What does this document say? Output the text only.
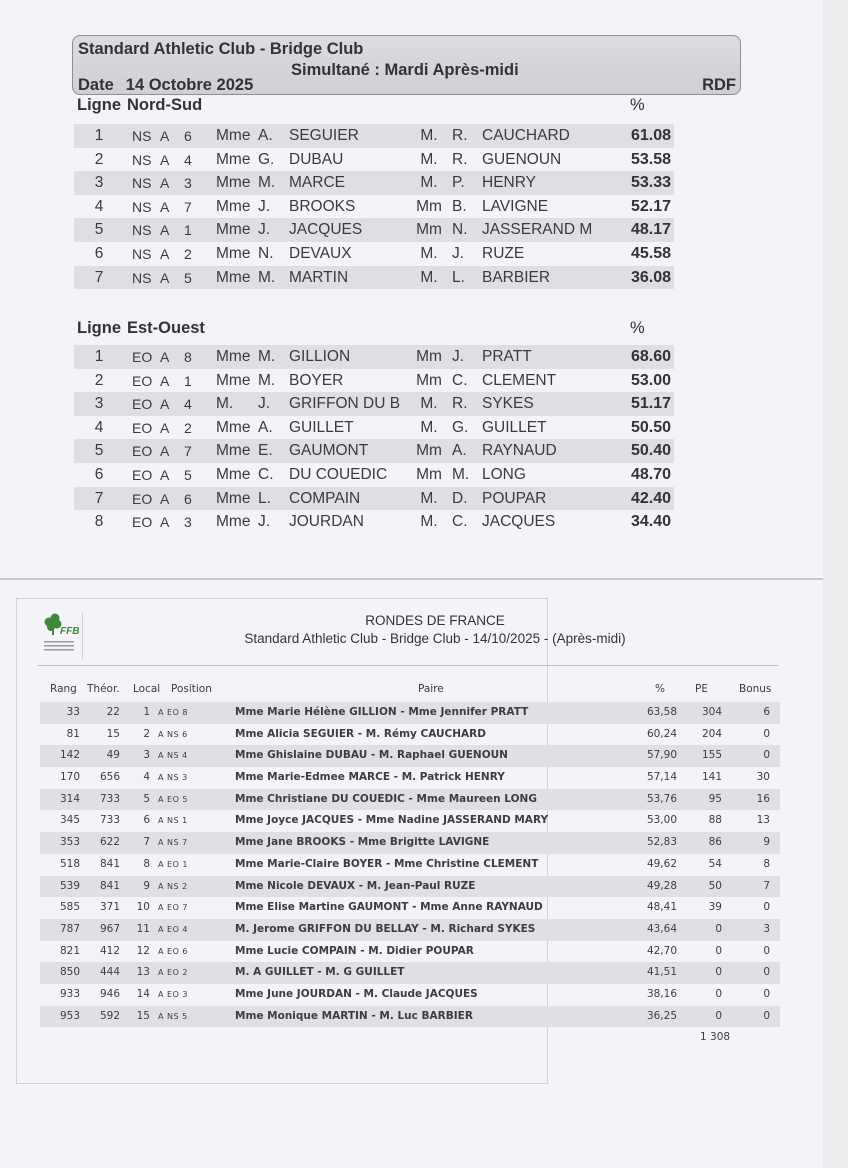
Standard Athletic Club - Bridge Club
Simultané : Mardi Après-midi
Date 14 Octobre 2025	RDF
Ligne Nord-Sud	%
1 NS A 6 Mme A. SEGUIER	M. R. CAUCHARD	61.08
2 NS A 4 Mme G. DUBAU	M. R. GUENOUN	53.58
3 NS A 3 Mme M. MARCE	M. P. HENRY	53.33
4 NS A 7 Mme J. BROOKS	Mm B. LAVIGNE	52.17
5 NS A 1 Mme J. JACQUES	Mm N. JASSERAND M 48.17
6 NS A 2 Mme N. DEVAUX	M. J. RUZE	45.58
7 NS A 5 Mme M. MARTIN	M. L. BARBIER	36.08
Ligne Est-Ouest	%
1 EO A 8 Mme M. GILLION	Mm J. PRATT	68.60
2 EO A 1 Mme M. BOYER	Mm C. CLEMENT	53.00
3 EO A 4 M. J. GRIFFON DU B	M. R. SYKES	51.17
4 EO A 2 Mme A. GUILLET	M. G. GUILLET	50.50
5 EO A 7 Mme E. GAUMONT	Mm A. RAYNAUD	50.40
6 EO A 5 Mme C. DU COUEDIC Mm M. LONG	48.70
7 EO A 6 Mme L. COMPAIN	M. D. POUPAR	42.40
8 EO A 3 Mme J. JOURDAN	M. C. JACQUES	34.40
FFB
RONDES DE FRANCE
Standard Athletic Club - Bridge Club - 14/10/2025 - (Après-midi)
Rang Théor. Local Position	Paire	%	PE	Bonus
33	22	1 A EO 8	Mme Marie Hélène GILLION - Mme Jennifer PRATT	63,58	304	6
81	15	2 A NS 6	Mme Alicia SEGUIER - M. Rémy CAUCHARD	60,24	204	0
142	49	3 A NS 4	Mme Ghislaine DUBAU - M. Raphael GUENOUN	57,90	155	0
170	656	4 A NS 3	Mme Marie-Edmee MARCE - M. Patrick HENRY	57,14	141	30
314	733	5 A EO 5	Mme Christiane DU COUEDIC - Mme Maureen LONG	53,76	95	16
345	733	6 A NS 1	Mme Joyce JACQUES - Mme Nadine JASSERAND MARY	53,00	88	13
353	622	7 A NS 7	Mme Jane BROOKS - Mme Brigitte LAVIGNE	52,83	86	9
518	841	8 A EO 1	Mme Marie-Claire BOYER - Mme Christine CLEMENT	49,62	54	8
539	841	9 A NS 2	Mme Nicole DEVAUX - M. Jean-Paul RUZE	49,28	50	7
585	371	10 A EO 7	Mme Elise Martine GAUMONT - Mme Anne RAYNAUD	48,41	39	0
787	967	11 A EO 4	M. Jerome GRIFFON DU BELLAY - M. Richard SYKES	43,64	0	3
821	412	12 A EO 6	Mme Lucie COMPAIN - M. Didier POUPAR	42,70	0	0
850	444	13 A EO 2	M. A GUILLET - M. G GUILLET	41,51	0	0
933	946	14 A EO 3	Mme June JOURDAN - M. Claude JACQUES	38,16	0	0
953	592	15 A NS 5	Mme Monique MARTIN - M. Luc BARBIER	36,25	0	0
1 308
